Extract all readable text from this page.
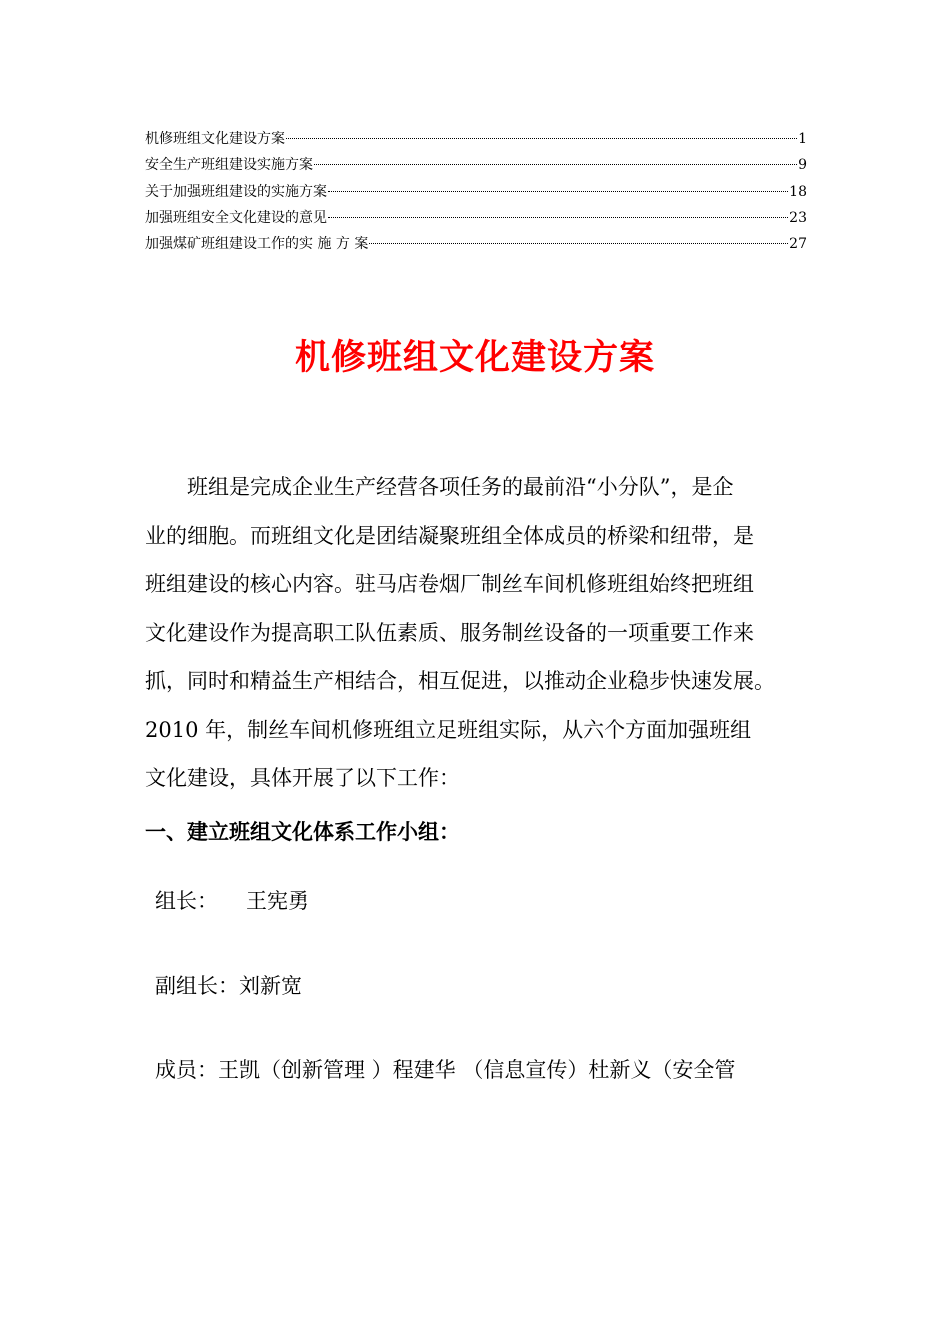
机修班组文化建设方案	1
安全生产班组建设实施方案	9
关于加强班组建设的实施方案	18
加强班组安全文化建设的意见	23
加强煤矿班组建设工作的实 施 方 案	27
机修班组文化建设方案
　　班组是完成企业生产经营各项任务的最前沿“小分队”，是企
业的细胞。而班组文化是团结凝聚班组全体成员的桥梁和纽带，是
班组建设的核心内容。驻马店卷烟厂制丝车间机修班组始终把班组
文化建设作为提高职工队伍素质、服务制丝设备的一项重要工作来
抓，同时和精益生产相结合，相互促进，以推动企业稳步快速发展。
2010 年，制丝车间机修班组立足班组实际，从六个方面加强班组
文化建设，具体开展了以下工作：
一、建立班组文化体系工作小组：
组长： 王宪勇
副组长：刘新宽
成员：王凯（创新管理 ）程建华 （信息宣传）杜新义（安全管
